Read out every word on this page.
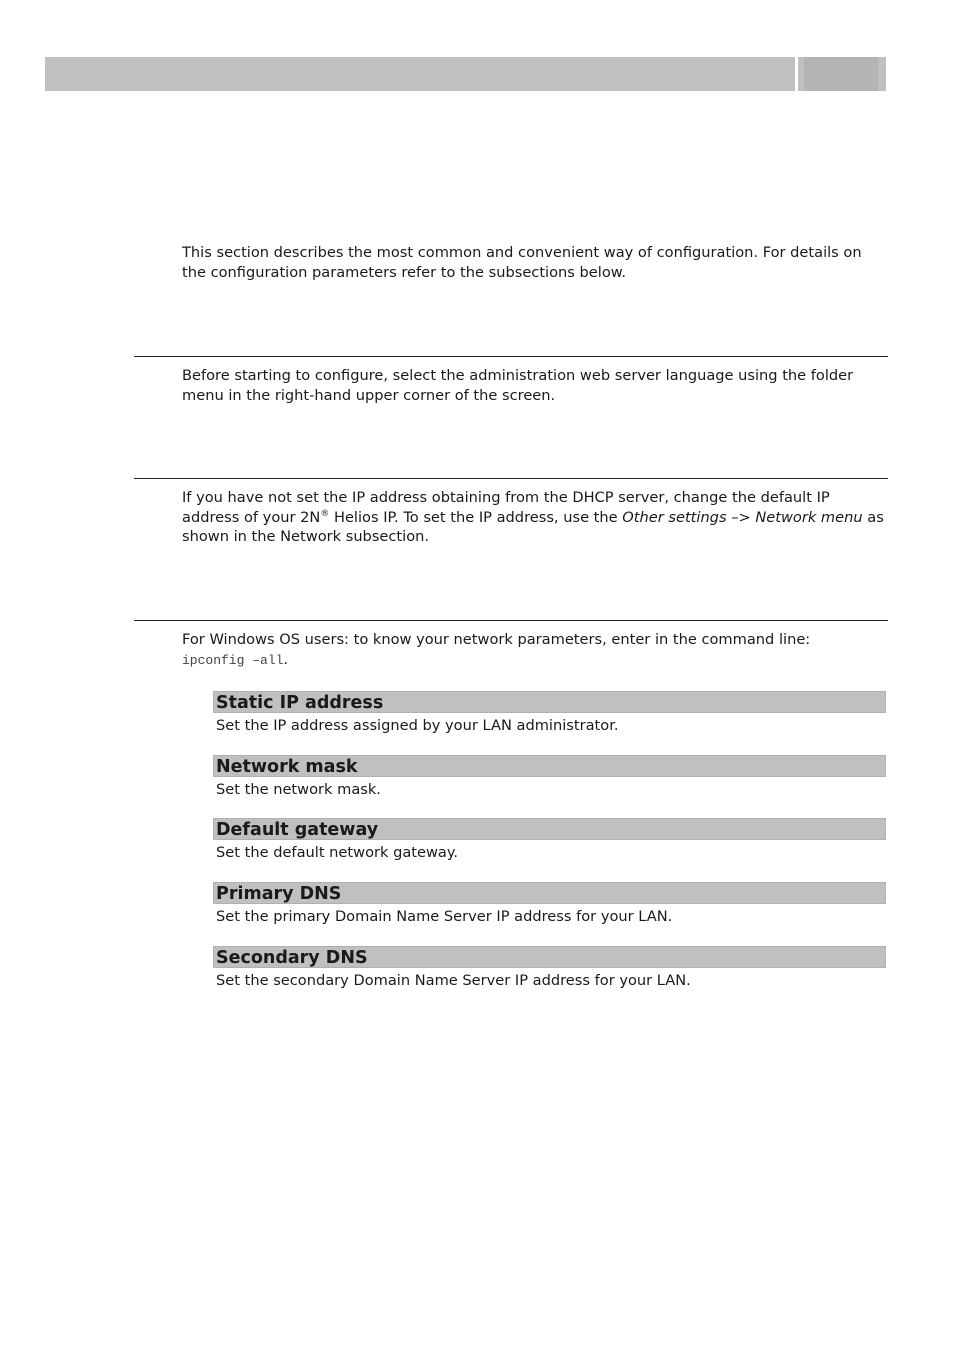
This section describes the most common and convenient way of configuration. For details on the configuration parameters refer to the subsections below.

Before starting to configure, select the administration web server language using the folder menu in the right-hand upper corner of the screen.

If you have not set the IP address obtaining from the DHCP server, change the default IP address of your 2N® Helios IP. To set the IP address, use the Other settings –> Network menu as shown in the Network subsection.

For Windows OS users: to know your network parameters, enter in the command line:
ipconfig –all.

Static IP address
Set the IP address assigned by your LAN administrator.
Network mask
Set the network mask.
Default gateway
Set the default network gateway.
Primary DNS
Set the primary Domain Name Server IP address for your LAN.
Secondary DNS
Set the secondary Domain Name Server IP address for your LAN.
